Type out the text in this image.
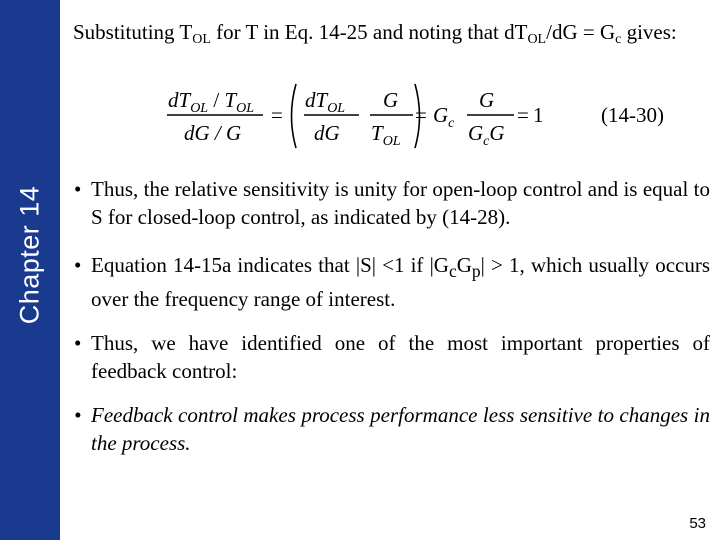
Chapter 14
Substituting $T_{OL}$ for T in Eq. 14-25 and noting that $dT_{OL}/dG = G_c$ gives:
$dT_{OL} / T_{OL}$
dG / G
=
$dT_{OL}$
dG
G
$T_{OL}$
= $G_c$
G
$G_cG$
= 1	(14-30)
• Thus, the relative sensitivity is unity for open-loop control and is equal to S for closed-loop control, as indicated by (14-28).
• Equation 14-15a indicates that |S| <1 if $|G_cG_p| > 1$, which usually occurs over the frequency range of interest.
• Thus, we have identified one of the most important properties of feedback control:
• Feedback control makes process performance less sensitive to changes in the process.
53
